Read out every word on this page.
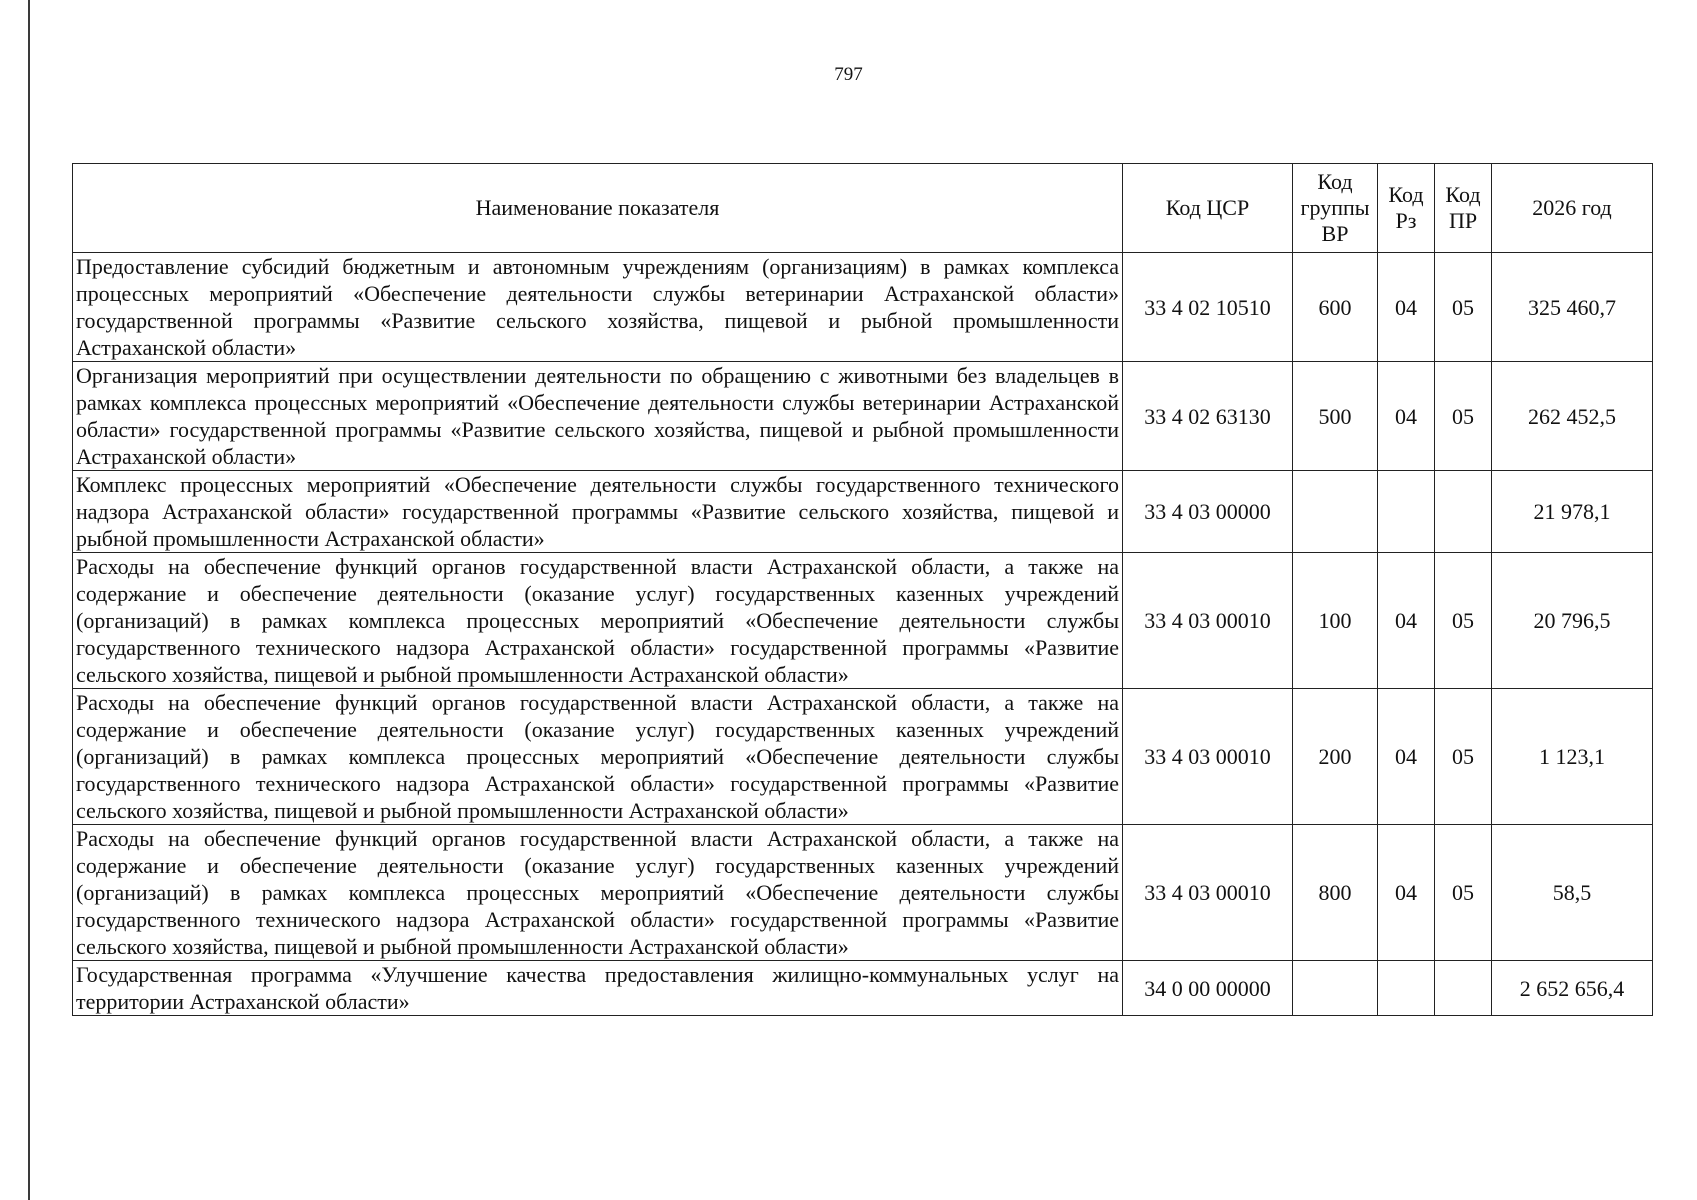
797
Наименование показателя	Код ЦСР	Код группы ВР	Код Рз	Код ПР	2026 год
Предоставление субсидий бюджетным и автономным учреждениям (организациям) в рамках комплекса процессных мероприятий «Обеспечение деятельности службы ветеринарии Астраханской области» государственной программы «Развитие сельского хозяйства, пищевой и рыбной промышленности Астраханской области»	33 4 02 10510	600	04	05	325 460,7
Организация мероприятий при осуществлении деятельности по обращению с животными без владельцев в рамках комплекса процессных мероприятий «Обеспечение деятельности службы ветеринарии Астраханской области» государственной программы «Развитие сельского хозяйства, пищевой и рыбной промышленности Астраханской области»	33 4 02 63130	500	04	05	262 452,5
Комплекс процессных мероприятий «Обеспечение деятельности службы государственного технического надзора Астраханской области» государственной программы «Развитие сельского хозяйства, пищевой и рыбной промышленности Астраханской области»	33 4 03 00000				21 978,1
Расходы на обеспечение функций органов государственной власти Астраханской области, а также на содержание и обеспечение деятельности (оказание услуг) государственных казенных учреждений (организаций) в рамках комплекса процессных мероприятий «Обеспечение деятельности службы государственного технического надзора Астраханской области» государственной программы «Развитие сельского хозяйства, пищевой и рыбной промышленности Астраханской области»	33 4 03 00010	100	04	05	20 796,5
Расходы на обеспечение функций органов государственной власти Астраханской области, а также на содержание и обеспечение деятельности (оказание услуг) государственных казенных учреждений (организаций) в рамках комплекса процессных мероприятий «Обеспечение деятельности службы государственного технического надзора Астраханской области» государственной программы «Развитие сельского хозяйства, пищевой и рыбной промышленности Астраханской области»	33 4 03 00010	200	04	05	1 123,1
Расходы на обеспечение функций органов государственной власти Астраханской области, а также на содержание и обеспечение деятельности (оказание услуг) государственных казенных учреждений (организаций) в рамках комплекса процессных мероприятий «Обеспечение деятельности службы государственного технического надзора Астраханской области» государственной программы «Развитие сельского хозяйства, пищевой и рыбной промышленности Астраханской области»	33 4 03 00010	800	04	05	58,5
Государственная программа «Улучшение качества предоставления жилищно-коммунальных услуг на территории Астраханской области»	34 0 00 00000				2 652 656,4
